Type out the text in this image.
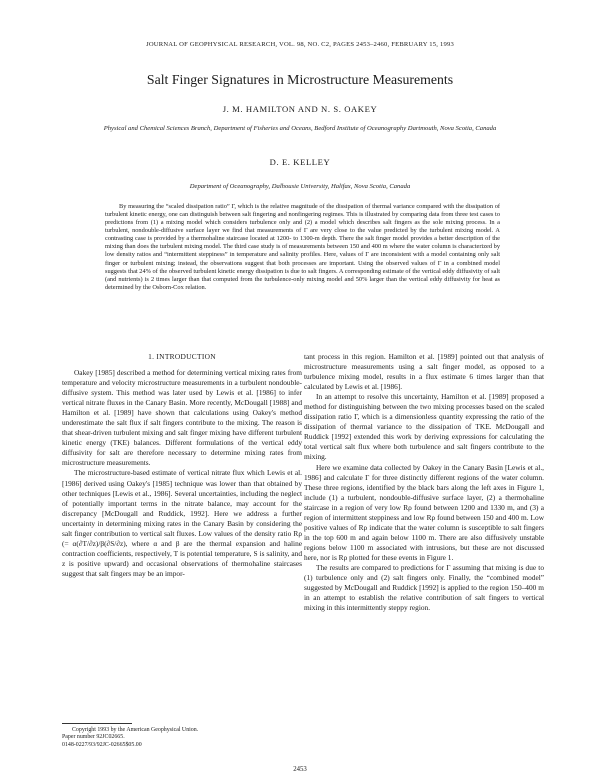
JOURNAL OF GEOPHYSICAL RESEARCH, VOL. 98, NO. C2, PAGES 2453–2460, FEBRUARY 15, 1993
Salt Finger Signatures in Microstructure Measurements
J. M. HAMILTON AND N. S. OAKEY
Physical and Chemical Sciences Branch, Department of Fisheries and Oceans, Bedford Institute of Oceanography Dartmouth, Nova Scotia, Canada
D. E. KELLEY
Department of Oceanography, Dalhousie University, Halifax, Nova Scotia, Canada

By measuring the “scaled dissipation ratio” Γ, which is the relative magnitude of the dissipation of thermal variance compared with the dissipation of turbulent kinetic energy, one can distinguish between salt fingering and nonfingering regimes. This is illustrated by comparing data from three test cases to predictions from (1) a mixing model which considers turbulence only and (2) a model which describes salt fingers as the sole mixing process. In a turbulent, nondouble-diffusive surface layer we find that measurements of Γ are very close to the value predicted by the turbulent mixing model. A contrasting case is provided by a thermohaline staircase located at 1200- to 1300-m depth. There the salt finger model provides a better description of the mixing than does the turbulent mixing model. The third case study is of measurements between 150 and 400 m where the water column is characterized by low density ratios and “intermittent steppiness” in temperature and salinity profiles. Here, values of Γ are inconsistent with a model containing only salt finger or turbulent mixing; instead, the observations suggest that both processes are important. Using the observed values of Γ in a combined model suggests that 24% of the observed turbulent kinetic energy dissipation is due to salt fingers. A corresponding estimate of the vertical eddy diffusivity of salt (and nutrients) is 2 times larger than that computed from the turbulence-only mixing model and 50% larger than the vertical eddy diffusivity for heat as determined by the Osborn-Cox relation.

1. INTRODUCTION

Oakey [1985] described a method for determining vertical mixing rates from temperature and velocity microstructure measurements in a turbulent nondouble-diffusive system. This method was later used by Lewis et al. [1986] to infer vertical nitrate fluxes in the Canary Basin. More recently, McDougall [1988] and Hamilton et al. [1989] have shown that calculations using Oakey's method underestimate the salt flux if salt fingers contribute to the mixing. The reason is that shear-driven turbulent mixing and salt finger mixing have different turbulent kinetic energy (TKE) balances. Different formulations of the vertical eddy diffusivity for salt are therefore necessary to determine mixing rates from microstructure measurements.

The microstructure-based estimate of vertical nitrate flux which Lewis et al. [1986] derived using Oakey's [1985] technique was lower than that obtained by other techniques [Lewis et al., 1986]. Several uncertainties, including the neglect of potentially important terms in the nitrate balance, may account for the discrepancy [McDougall and Ruddick, 1992]. Here we address a further uncertainty in determining mixing rates in the Canary Basin by considering the salt finger contribution to vertical salt fluxes. Low values of the density ratio Rρ (= α(∂T/∂z)/β(∂S/∂z), where α and β are the thermal expansion and haline contraction coefficients, respectively, T is potential temperature, S is salinity, and z is positive upward) and occasional observations of thermohaline staircases suggest that salt fingers may be an impor-

tant process in this region. Hamilton et al. [1989] pointed out that analysis of microstructure measurements using a salt finger model, as opposed to a turbulence mixing model, results in a flux estimate 6 times larger than that calculated by Lewis et al. [1986].

In an attempt to resolve this uncertainty, Hamilton et al. [1989] proposed a method for distinguishing between the two mixing processes based on the scaled dissipation ratio Γ, which is a dimensionless quantity expressing the ratio of the dissipation of thermal variance to the dissipation of TKE. McDougall and Ruddick [1992] extended this work by deriving expressions for calculating the total vertical salt flux where both turbulence and salt fingers contribute to the mixing.

Here we examine data collected by Oakey in the Canary Basin [Lewis et al., 1986] and calculate Γ for three distinctly different regions of the water column. These three regions, identified by the black bars along the left axes in Figure 1, include (1) a turbulent, nondouble-diffusive surface layer, (2) a thermohaline staircase in a region of very low Rρ found between 1200 and 1330 m, and (3) a region of intermittent steppiness and low Rρ found between 150 and 400 m. Low positive values of Rρ indicate that the water column is susceptible to salt fingers in the top 600 m and again below 1100 m. There are also diffusively unstable regions below 1100 m associated with intrusions, but these are not discussed here, nor is Rρ plotted for these events in Figure 1.

The results are compared to predictions for Γ assuming that mixing is due to (1) turbulence only and (2) salt fingers only. Finally, the “combined model” suggested by McDougall and Ruddick [1992] is applied to the region 150–400 m in an attempt to establish the relative contribution of salt fingers to vertical mixing in this intermittently steppy region.

Copyright 1993 by the American Geophysical Union.
Paper number 92JC02665.
0148-0227/93/92JC-02665$05.00
2453
